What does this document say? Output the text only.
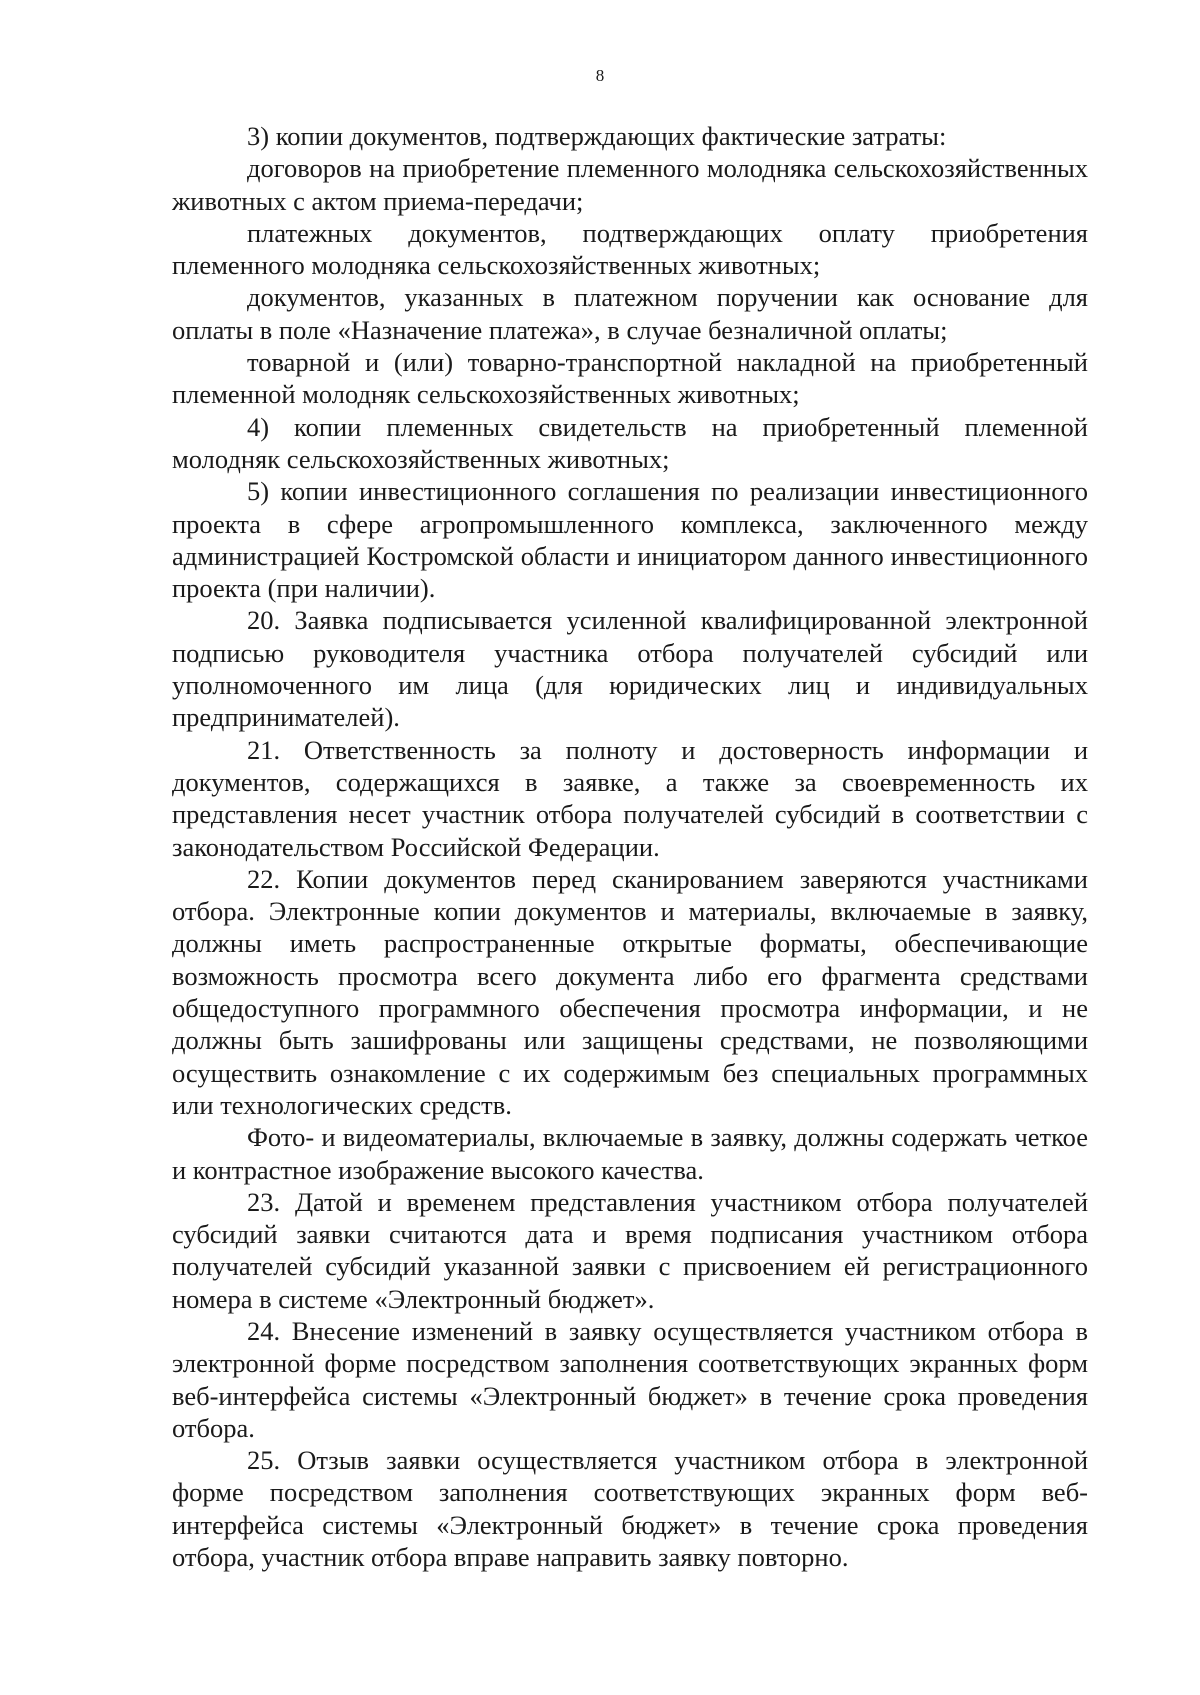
8

3) копии документов, подтверждающих фактические затраты:

договоров на приобретение племенного молодняка сельскохозяйственных животных с актом приема-передачи;

платежных документов, подтверждающих оплату приобретения племенного молодняка сельскохозяйственных животных;

документов, указанных в платежном поручении как основание для оплаты в поле «Назначение платежа», в случае безналичной оплаты;

товарной и (или) товарно-транспортной накладной на приобретенный племенной молодняк сельскохозяйственных животных;

4) копии племенных свидетельств на приобретенный племенной молодняк сельскохозяйственных животных;

5) копии инвестиционного соглашения по реализации инвестиционного проекта в сфере агропромышленного комплекса, заключенного между администрацией Костромской области и инициатором данного инвестиционного проекта (при наличии).

20. Заявка подписывается усиленной квалифицированной электронной подписью руководителя участника отбора получателей субсидий или уполномоченного им лица (для юридических лиц и индивидуальных предпринимателей).

21. Ответственность за полноту и достоверность информации и документов, содержащихся в заявке, а также за своевременность их представления несет участник отбора получателей субсидий в соответствии с законодательством Российской Федерации.

22. Копии документов перед сканированием заверяются участниками отбора. Электронные копии документов и материалы, включаемые в заявку, должны иметь распространенные открытые форматы, обеспечивающие возможность просмотра всего документа либо его фрагмента средствами общедоступного программного обеспечения просмотра информации, и не должны быть зашифрованы или защищены средствами, не позволяющими осуществить ознакомление с их содержимым без специальных программных или технологических средств.

Фото- и видеоматериалы, включаемые в заявку, должны содержать четкое и контрастное изображение высокого качества.

23. Датой и временем представления участником отбора получателей субсидий заявки считаются дата и время подписания участником отбора получателей субсидий указанной заявки с присвоением ей регистрационного номера в системе «Электронный бюджет».

24. Внесение изменений в заявку осуществляется участником отбора в электронной форме посредством заполнения соответствующих экранных форм веб-интерфейса системы «Электронный бюджет» в течение срока проведения отбора.

25. Отзыв заявки осуществляется участником отбора в электронной форме посредством заполнения соответствующих экранных форм веб-интерфейса системы «Электронный бюджет» в течение срока проведения отбора, участник отбора вправе направить заявку повторно.
